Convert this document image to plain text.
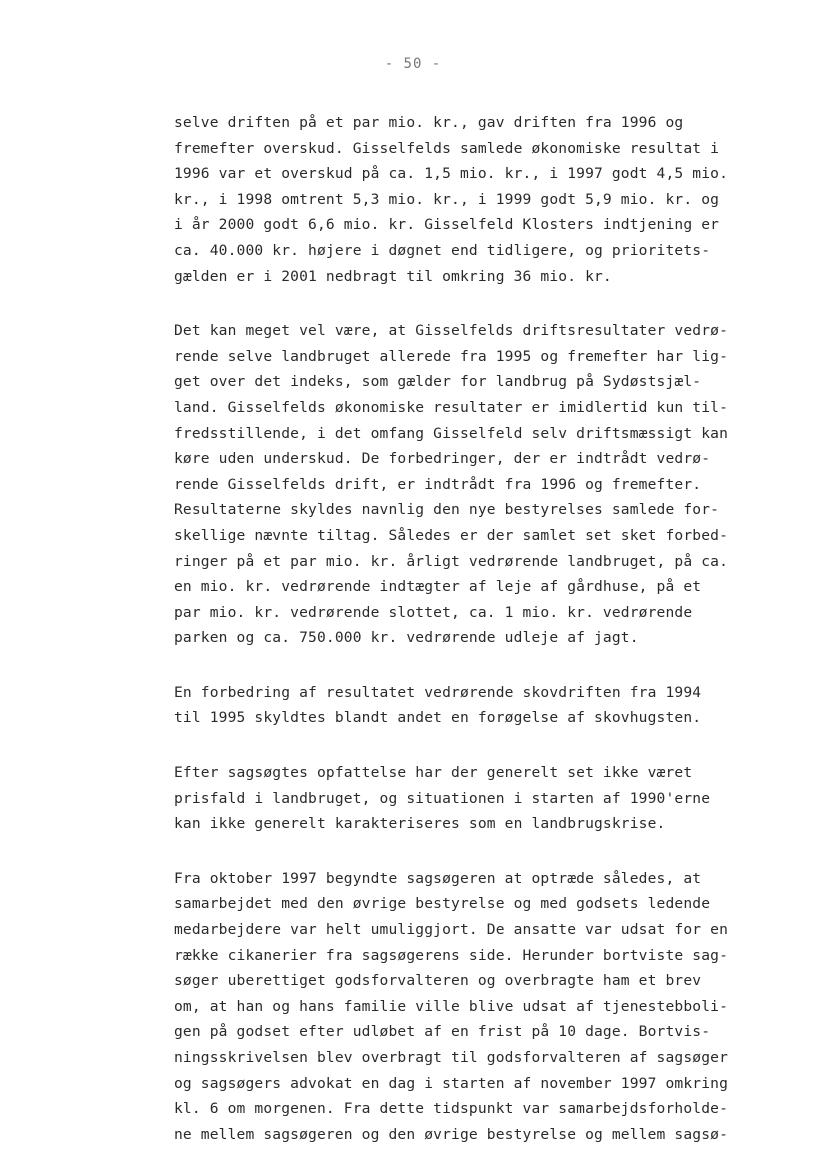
- 50 -
selve driften på et par mio. kr., gav driften fra 1996 og
fremefter overskud. Gisselfelds samlede økonomiske resultat i
1996 var et overskud på ca. 1,5 mio. kr., i 1997 godt 4,5 mio.
kr., i 1998 omtrent 5,3 mio. kr., i 1999 godt 5,9 mio. kr. og
i år 2000 godt 6,6 mio. kr. Gisselfeld Klosters indtjening er
ca. 40.000 kr. højere i døgnet end tidligere, og prioritets-
gælden er i 2001 nedbragt til omkring 36 mio. kr.
Det kan meget vel være, at Gisselfelds driftsresultater vedrø-
rende selve landbruget allerede fra 1995 og fremefter har lig-
get over det indeks, som gælder for landbrug på Sydøstsjæl-
land. Gisselfelds økonomiske resultater er imidlertid kun til-
fredsstillende, i det omfang Gisselfeld selv driftsmæssigt kan
køre uden underskud. De forbedringer, der er indtrådt vedrø-
rende Gisselfelds drift, er indtrådt fra 1996 og fremefter.
Resultaterne skyldes navnlig den nye bestyrelses samlede for-
skellige nævnte tiltag. Således er der samlet set sket forbed-
ringer på et par mio. kr. årligt vedrørende landbruget, på ca.
en mio. kr. vedrørende indtægter af leje af gårdhuse, på et
par mio. kr. vedrørende slottet, ca. 1 mio. kr. vedrørende
parken og ca. 750.000 kr. vedrørende udleje af jagt.
En forbedring af resultatet vedrørende skovdriften fra 1994
til 1995 skyldtes blandt andet en forøgelse af skovhugsten.
Efter sagsøgtes opfattelse har der generelt set ikke været
prisfald i landbruget, og situationen i starten af 1990'erne
kan ikke generelt karakteriseres som en landbrugskrise.
Fra oktober 1997 begyndte sagsøgeren at optræde således, at
samarbejdet med den øvrige bestyrelse og med godsets ledende
medarbejdere var helt umuliggjort. De ansatte var udsat for en
række cikanerier fra sagsøgerens side. Herunder bortviste sag-
søger uberettiget godsforvalteren og overbragte ham et brev
om, at han og hans familie ville blive udsat af tjenestebboli-
gen på godset efter udløbet af en frist på 10 dage. Bortvis-
ningsskrivelsen blev overbragt til godsforvalteren af sagsøger
og sagsøgers advokat en dag i starten af november 1997 omkring
kl. 6 om morgenen. Fra dette tidspunkt var samarbejdsforholde-
ne mellem sagsøgeren og den øvrige bestyrelse og mellem sagsø-
